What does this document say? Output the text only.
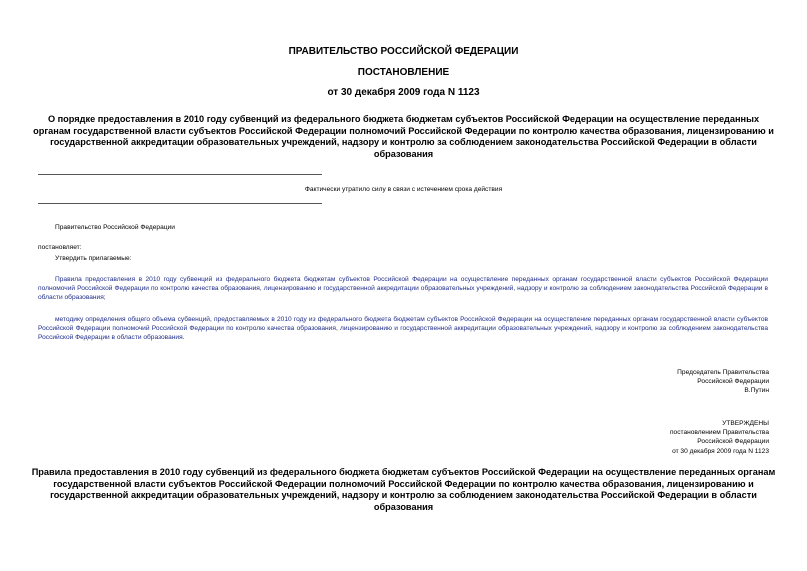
ПРАВИТЕЛЬСТВО РОССИЙСКОЙ ФЕДЕРАЦИИ
ПОСТАНОВЛЕНИЕ
от 30 декабря 2009 года N 1123
О порядке предоставления в 2010 году субвенций из федерального бюджета бюджетам субъектов Российской Федерации на осуществление переданных органам государственной власти субъектов Российской Федерации полномочий Российской Федерации по контролю качества образования, лицензированию и государственной аккредитации образовательных учреждений, надзору и контролю за соблюдением законодательства Российской Федерации в области образования
Фактически утратило силу в связи с истечением срока действия
Правительство Российской Федерации
постановляет:
Утвердить прилагаемые:
Правила предоставления в 2010 году субвенций из федерального бюджета бюджетам субъектов Российской Федерации на осуществление переданных органам государственной власти субъектов Российской Федерации полномочий Российской Федерации по контролю качества образования, лицензированию и государственной аккредитации образовательных учреждений, надзору и контролю за соблюдением законодательства Российской Федерации в области образования;
методику определения общего объема субвенций, предоставляемых в 2010 году из федерального бюджета бюджетам субъектов Российской Федерации на осуществление переданных органам государственной власти субъектов Российской Федерации полномочий Российской Федерации по контролю качества образования, лицензированию и государственной аккредитации образовательных учреждений, надзору и контролю за соблюдением законодательства Российской Федерации в области образования.
Председатель Правительства
Российской Федерации
В.Путин
УТВЕРЖДЕНЫ
постановлением Правительства
Российской Федерации
от 30 декабря 2009 года N 1123
Правила предоставления в 2010 году субвенций из федерального бюджета бюджетам субъектов Российской Федерации на осуществление переданных органам государственной власти субъектов Российской Федерации полномочий Российской Федерации по контролю качества образования, лицензированию и государственной аккредитации образовательных учреждений, надзору и контролю за соблюдением законодательства Российской Федерации в области образования
